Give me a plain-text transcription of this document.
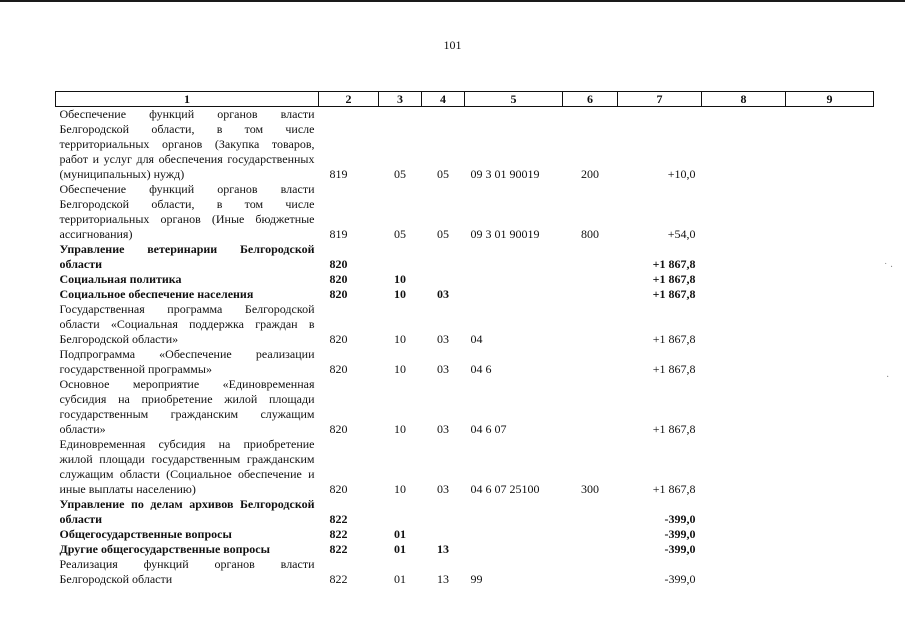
101
1	2	3	4	5	6	7	8	9
Обеспечение функций органов власти Белгородской области, в том числе территориальных органов (Закупка товаров, работ и услуг для обеспечения государственных (муниципальных) нужд)	819	05	05	09 3 01 90019	200	+10,0		
Обеспечение функций органов власти Белгородской области, в том числе территориальных органов (Иные бюджетные ассигнования)	819	05	05	09 3 01 90019	800	+54,0		
Управление ветеринарии Белгородской области	820					+1 867,8		
Социальная политика	820	10				+1 867,8		
Социальное обеспечение населения	820	10	03			+1 867,8		
Государственная программа Белгородской области «Социальная поддержка граждан в Белгородской области»	820	10	03	04		+1 867,8		
Подпрограмма «Обеспечение реализации государственной программы»	820	10	03	04 6		+1 867,8		
Основное мероприятие «Единовременная субсидия на приобретение жилой площади государственным гражданским служащим области»	820	10	03	04 6 07		+1 867,8		
Единовременная субсидия на приобретение жилой площади государственным гражданским служащим области (Социальное обеспечение и иные выплаты населению)	820	10	03	04 6 07 25100	300	+1 867,8		
Управление по делам архивов Белгородской области	822					-399,0		
Общегосударственные вопросы	822	01				-399,0		
Другие общегосударственные вопросы	822	01	13			-399,0		
Реализация функций органов власти Белгородской области	822	01	13	99		-399,0		
˙ ·
·
